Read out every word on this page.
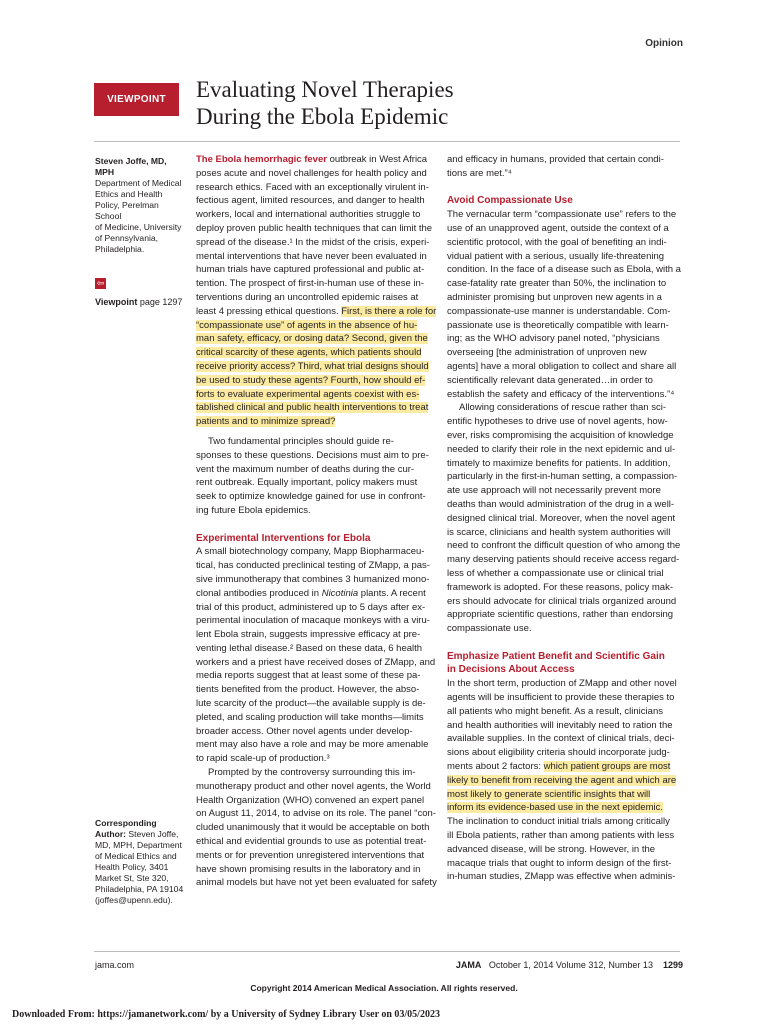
Opinion
VIEWPOINT	Evaluating Novel Therapies
During the Ebola Epidemic
Steven Joffe, MD,
MPH
Department of Medical
Ethics and Health
Policy, Perelman School
of Medicine, University
of Pennsylvania,
Philadelphia.
⇦
Viewpoint page 1297
Corresponding
Author: Steven Joffe,
MD, MPH, Department
of Medical Ethics and
Health Policy, 3401
Market St, Ste 320,
Philadelphia, PA 19104
(joffes@upenn.edu).
The Ebola hemorrhagic fever outbreak in West Africa
poses acute and novel challenges for health policy and
research ethics. Faced with an exceptionally virulent in-
fectious agent, limited resources, and danger to health
workers, local and international authorities struggle to
deploy proven public health techniques that can limit the
spread of the disease.¹ In the midst of the crisis, experi-
mental interventions that have never been evaluated in
human trials have captured professional and public at-
tention. The prospect of first-in-human use of these in-
terventions during an uncontrolled epidemic raises at
least 4 pressing ethical questions. First, is there a role for
“compassionate use” of agents in the absence of hu-
man safety, efficacy, or dosing data? Second, given the
critical scarcity of these agents, which patients should
receive priority access? Third, what trial designs should
be used to study these agents? Fourth, how should ef-
forts to evaluate experimental agents coexist with es-
tablished clinical and public health interventions to treat
patients and to minimize spread?
Two fundamental principles should guide re-
sponses to these questions. Decisions must aim to pre-
vent the maximum number of deaths during the cur-
rent outbreak. Equally important, policy makers must
seek to optimize knowledge gained for use in confront-
ing future Ebola epidemics.
Experimental Interventions for Ebola
A small biotechnology company, Mapp Biopharmaceu-
tical, has conducted preclinical testing of ZMapp, a pas-
sive immunotherapy that combines 3 humanized mono-
clonal antibodies produced in Nicotinia plants. A recent
trial of this product, administered up to 5 days after ex-
perimental inoculation of macaque monkeys with a viru-
lent Ebola strain, suggests impressive efficacy at pre-
venting lethal disease.² Based on these data, 6 health
workers and a priest have received doses of ZMapp, and
media reports suggest that at least some of these pa-
tients benefited from the product. However, the abso-
lute scarcity of the product—the available supply is de-
pleted, and scaling production will take months—limits
broader access. Other novel agents under develop-
ment may also have a role and may be more amenable
to rapid scale-up of production.³
Prompted by the controversy surrounding this im-
munotherapy product and other novel agents, the World
Health Organization (WHO) convened an expert panel
on August 11, 2014, to advise on its role. The panel “con-
cluded unanimously that it would be acceptable on both
ethical and evidential grounds to use as potential treat-
ments or for prevention unregistered interventions that
have shown promising results in the laboratory and in
animal models but have not yet been evaluated for safety
and efficacy in humans, provided that certain condi-
tions are met.”⁴
Avoid Compassionate Use
The vernacular term “compassionate use” refers to the
use of an unapproved agent, outside the context of a
scientific protocol, with the goal of benefiting an indi-
vidual patient with a serious, usually life-threatening
condition. In the face of a disease such as Ebola, with a
case-fatality rate greater than 50%, the inclination to
administer promising but unproven new agents in a
compassionate-use manner is understandable. Com-
passionate use is theoretically compatible with learn-
ing; as the WHO advisory panel noted, “physicians
overseeing [the administration of unproven new
agents] have a moral obligation to collect and share all
scientifically relevant data generated…in order to
establish the safety and efficacy of the interventions.”⁴
Allowing considerations of rescue rather than sci-
entific hypotheses to drive use of novel agents, how-
ever, risks compromising the acquisition of knowledge
needed to clarify their role in the next epidemic and ul-
timately to maximize benefits for patients. In addition,
particularly in the first-in-human setting, a compassion-
ate use approach will not necessarily prevent more
deaths than would administration of the drug in a well-
designed clinical trial. Moreover, when the novel agent
is scarce, clinicians and health system authorities will
need to confront the difficult question of who among the
many deserving patients should receive access regard-
less of whether a compassionate use or clinical trial
framework is adopted. For these reasons, policy mak-
ers should advocate for clinical trials organized around
appropriate scientific questions, rather than endorsing
compassionate use.
Emphasize Patient Benefit and Scientific Gain
in Decisions About Access
In the short term, production of ZMapp and other novel
agents will be insufficient to provide these therapies to
all patients who might benefit. As a result, clinicians
and health authorities will inevitably need to ration the
available supplies. In the context of clinical trials, deci-
sions about eligibility criteria should incorporate judg-
ments about 2 factors: which patient groups are most
likely to benefit from receiving the agent and which are
most likely to generate scientific insights that will
inform its evidence-based use in the next epidemic.
The inclination to conduct initial trials among critically
ill Ebola patients, rather than among patients with less
advanced disease, will be strong. However, in the
macaque trials that ought to inform design of the first-
in-human studies, ZMapp was effective when adminis-
jama.com	JAMA October 1, 2014 Volume 312, Number 13 1299
Copyright 2014 American Medical Association. All rights reserved.
Downloaded From: https://jamanetwork.com/ by a University of Sydney Library User on 03/05/2023
